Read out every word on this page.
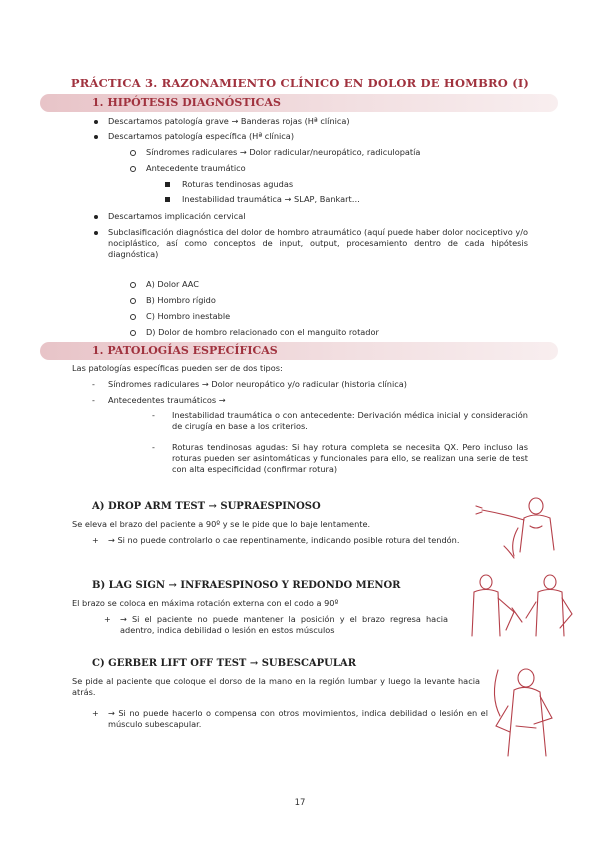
PRÁCTICA 3. RAZONAMIENTO CLÍNICO EN DOLOR DE HOMBRO (I)
1. HIPÓTESIS DIAGNÓSTICAS
Descartamos patología grave → Banderas rojas (Hª clínica)
Descartamos patología específica (Hª clínica)
Síndromes radiculares → Dolor radicular/neuropático, radiculopatía
Antecedente traumático
Roturas tendinosas agudas
Inestabilidad traumática → SLAP, Bankart…
Descartamos implicación cervical
Subclasificación diagnóstica del dolor de hombro atraumático (aquí puede haber dolor nociceptivo y/o nociplástico, así como conceptos de input, output, procesamiento dentro de cada hipótesis diagnóstica)
A) Dolor AAC
B) Hombro rígido
C) Hombro inestable
D) Dolor de hombro relacionado con el manguito rotador
1. PATOLOGÍAS ESPECÍFICAS
Las patologías específicas pueden ser de dos tipos:
- Síndromes radiculares → Dolor neuropático y/o radicular (historia clínica)
- Antecedentes traumáticos →
- Inestabilidad traumática o con antecedente: Derivación médica inicial y consideración de cirugía en base a los criterios.
- Roturas tendinosas agudas: Si hay rotura completa se necesita QX. Pero incluso las roturas pueden ser asintomáticas y funcionales para ello, se realizan una serie de test con alta especificidad (confirmar rotura)
A) DROP ARM TEST → SUPRAESPINOSO
Se eleva el brazo del paciente a 90º y se le pide que lo baje lentamente.
+ → Si no puede controlarlo o cae repentinamente, indicando posible rotura del tendón.
B) LAG SIGN → INFRAESPINOSO Y REDONDO MENOR
El brazo se coloca en máxima rotación externa con el codo a 90º
+ → Si el paciente no puede mantener la posición y el brazo regresa hacia adentro, indica debilidad o lesión en estos músculos
C) GERBER LIFT OFF TEST → SUBESCAPULAR
Se pide al paciente que coloque el dorso de la mano en la región lumbar y luego la levante hacia atrás.
+ → Si no puede hacerlo o compensa con otros movimientos, indica debilidad o lesión en el músculo subescapular.
17
